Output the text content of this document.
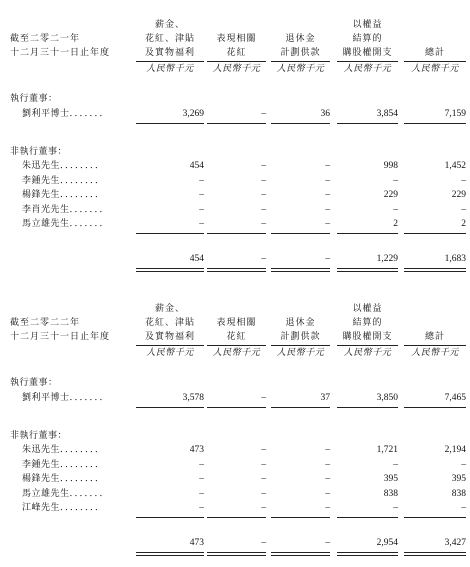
截至二零二一年
十二月三十一日止年度
薪金、
花紅、津貼
及實物福利
人民幣千元
表現相關
花紅
人民幣千元
退休金
計劃供款
人民幣千元
以權益
結算的
購股權開支
人民幣千元
總計
人民幣千元
執行董事：
劉利平博士．．．．．．．	3,269	–	36	3,854	7,159
非執行董事：
朱迅先生．．．．．．．．	454	–	–	998	1,452
李鍾先生．．．．．．．．	–	–	–	–	–
楊鋒先生．．．．．．．．	–	–	–	229	229
李肖光先生．．．．．．．	–	–	–	–	–
馬立雄先生．．．．．．．	–	–	–	2	2
454	–	–	1,229	1,683
截至二零二二年
十二月三十一日止年度
薪金、
花紅、津貼
及實物福利
人民幣千元
表現相關
花紅
人民幣千元
退休金
計劃供款
人民幣千元
以權益
結算的
購股權開支
人民幣千元
總計
人民幣千元
執行董事：
劉利平博士．．．．．．．	3,578	–	37	3,850	7,465
非執行董事：
朱迅先生．．．．．．．．	473	–	–	1,721	2,194
李鍾先生．．．．．．．．	–	–	–	–	–
楊鋒先生．．．．．．．．	–	–	–	395	395
馬立雄先生．．．．．．．	–	–	–	838	838
江峰先生．．．．．．．．	–	–	–	–	–
473	–	–	2,954	3,427
